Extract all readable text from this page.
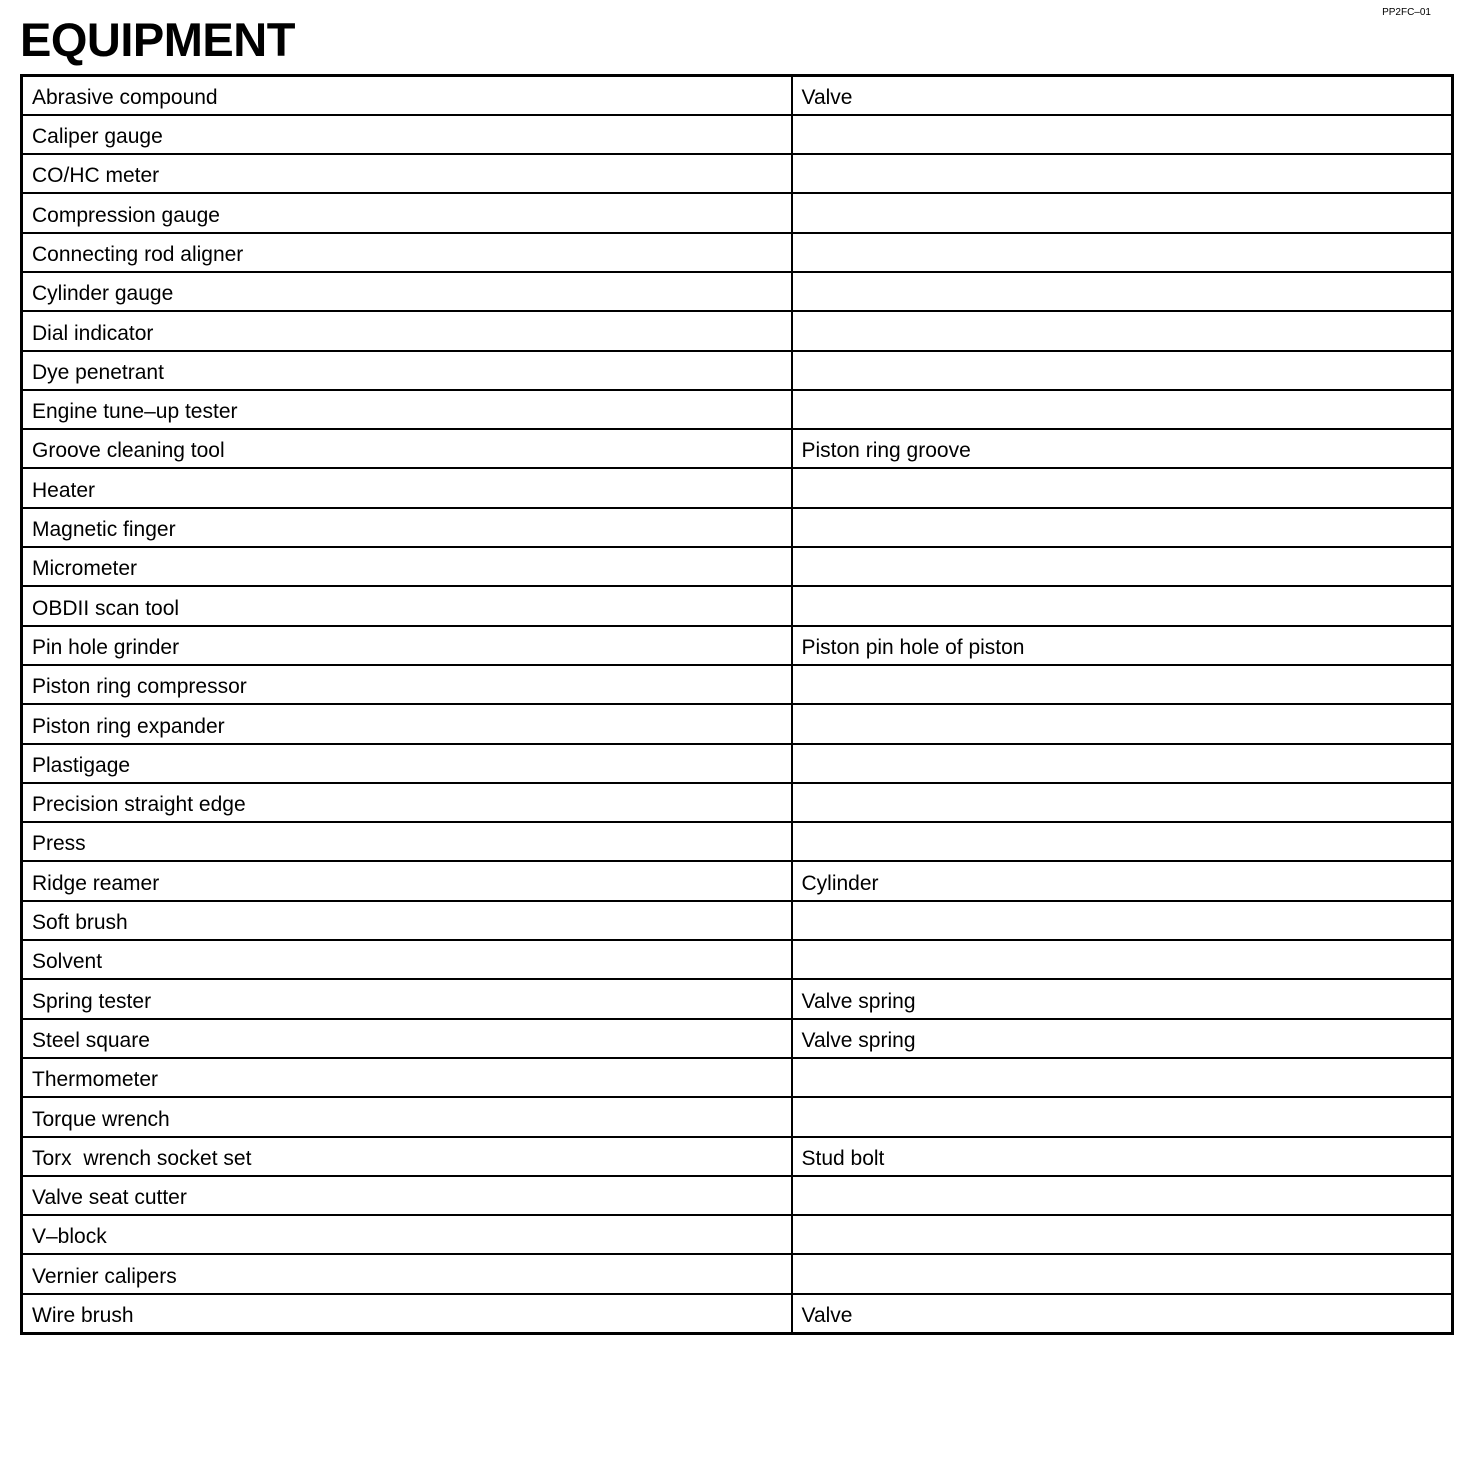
PP2FC–01
EQUIPMENT
Abrasive compound	Valve
Caliper gauge	
CO/HC meter	
Compression gauge	
Connecting rod aligner	
Cylinder gauge	
Dial indicator	
Dye penetrant	
Engine tune–up tester	
Groove cleaning tool	Piston ring groove
Heater	
Magnetic finger	
Micrometer	
OBDII scan tool	
Pin hole grinder	Piston pin hole of piston
Piston ring compressor	
Piston ring expander	
Plastigage	
Precision straight edge	
Press	
Ridge reamer	Cylinder
Soft brush	
Solvent	
Spring tester	Valve spring
Steel square	Valve spring
Thermometer	
Torque wrench	
Torx  wrench socket set	Stud bolt
Valve seat cutter	
V–block	
Vernier calipers	
Wire brush	Valve
